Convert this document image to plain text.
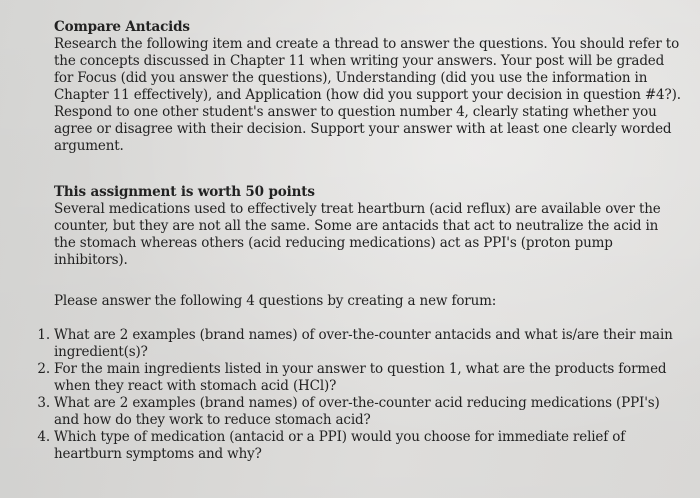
Compare Antacids
Research the following item and create a thread to answer the questions. You should refer to the concepts discussed in Chapter 11 when writing your answers. Your post will be graded for Focus (did you answer the questions), Understanding (did you use the information in Chapter 11 effectively), and Application (how did you support your decision in question #4?). Respond to one other student's answer to question number 4, clearly stating whether you agree or disagree with their decision. Support your answer with at least one clearly worded argument.
This assignment is worth 50 points
Several medications used to effectively treat heartburn (acid reflux) are available over the counter, but they are not all the same. Some are antacids that act to neutralize the acid in the stomach whereas others (acid reducing medications) act as PPI's (proton pump inhibitors).
Please answer the following 4 questions by creating a new forum:
1. What are 2 examples (brand names) of over-the-counter antacids and what is/are their main ingredient(s)?
2. For the main ingredients listed in your answer to question 1, what are the products formed when they react with stomach acid (HCl)?
3. What are 2 examples (brand names) of over-the-counter acid reducing medications (PPI's) and how do they work to reduce stomach acid?
4. Which type of medication (antacid or a PPI) would you choose for immediate relief of heartburn symptoms and why?
